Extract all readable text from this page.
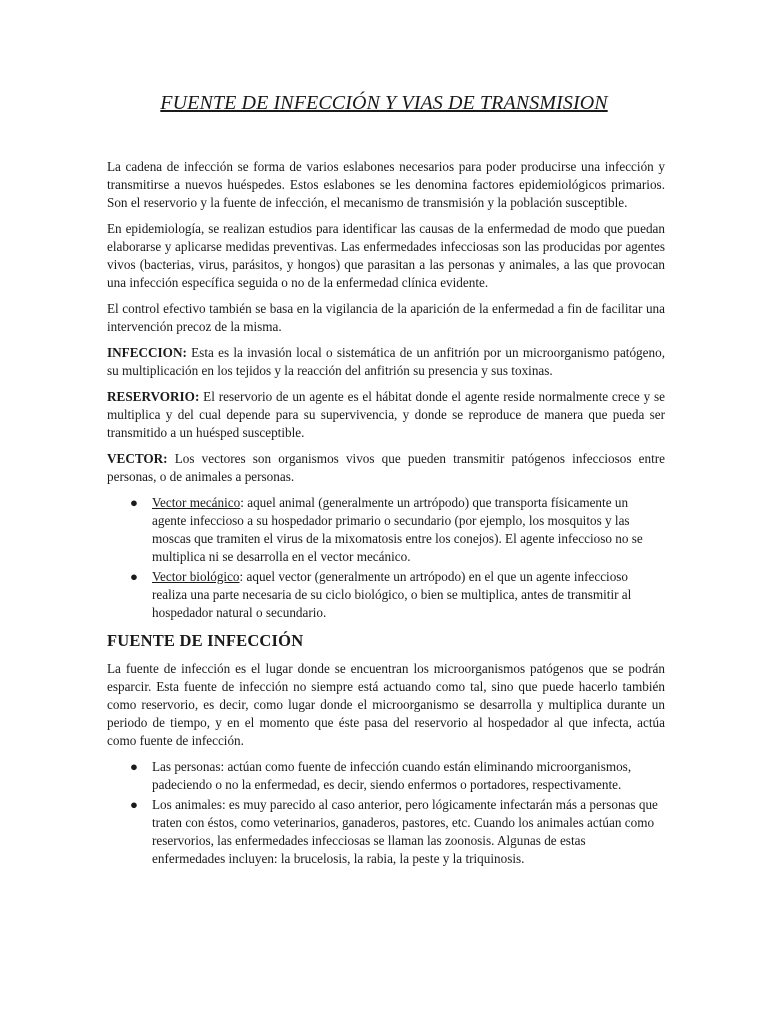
FUENTE DE INFECCIÓN Y VIAS DE TRANSMISION

La cadena de infección se forma de varios eslabones necesarios para poder producirse una infección y transmitirse a nuevos huéspedes. Estos eslabones se les denomina factores epidemiológicos primarios. Son el reservorio y la fuente de infección, el mecanismo de transmisión y la población susceptible.

En epidemiología, se realizan estudios para identificar las causas de la enfermedad de modo que puedan elaborarse y aplicarse medidas preventivas. Las enfermedades infecciosas son las producidas por agentes vivos (bacterias, virus, parásitos, y hongos) que parasitan a las personas y animales, a las que provocan una infección específica seguida o no de la enfermedad clínica evidente.

El control efectivo también se basa en la vigilancia de la aparición de la enfermedad a fin de facilitar una intervención precoz de la misma.

INFECCION: Esta es la invasión local o sistemática de un anfitrión por un microorganismo patógeno, su multiplicación en los tejidos y la reacción del anfitrión su presencia y sus toxinas.

RESERVORIO: El reservorio de un agente es el hábitat donde el agente reside normalmente crece y se multiplica y del cual depende para su supervivencia, y donde se reproduce de manera que pueda ser transmitido a un huésped susceptible.

VECTOR: Los vectores son organismos vivos que pueden transmitir patógenos infecciosos entre personas, o de animales a personas.

● Vector mecánico: aquel animal (generalmente un artrópodo) que transporta físicamente un agente infeccioso a su hospedador primario o secundario (por ejemplo, los mosquitos y las moscas que tramiten el virus de la mixomatosis entre los conejos). El agente infeccioso no se multiplica ni se desarrolla en el vector mecánico.
● Vector biológico: aquel vector (generalmente un artrópodo) en el que un agente infeccioso realiza una parte necesaria de su ciclo biológico, o bien se multiplica, antes de transmitir al hospedador natural o secundario.
FUENTE DE INFECCIÓN

La fuente de infección es el lugar donde se encuentran los microorganismos patógenos que se podrán esparcir. Esta fuente de infección no siempre está actuando como tal, sino que puede hacerlo también como reservorio, es decir, como lugar donde el microorganismo se desarrolla y multiplica durante un periodo de tiempo, y en el momento que éste pasa del reservorio al hospedador al que infecta, actúa como fuente de infección.

● Las personas: actúan como fuente de infección cuando están eliminando microorganismos, padeciendo o no la enfermedad, es decir, siendo enfermos o portadores, respectivamente.
● Los animales: es muy parecido al caso anterior, pero lógicamente infectarán más a personas que traten con éstos, como veterinarios, ganaderos, pastores, etc. Cuando los animales actúan como reservorios, las enfermedades infecciosas se llaman las zoonosis. Algunas de estas enfermedades incluyen: la brucelosis, la rabia, la peste y la triquinosis.
